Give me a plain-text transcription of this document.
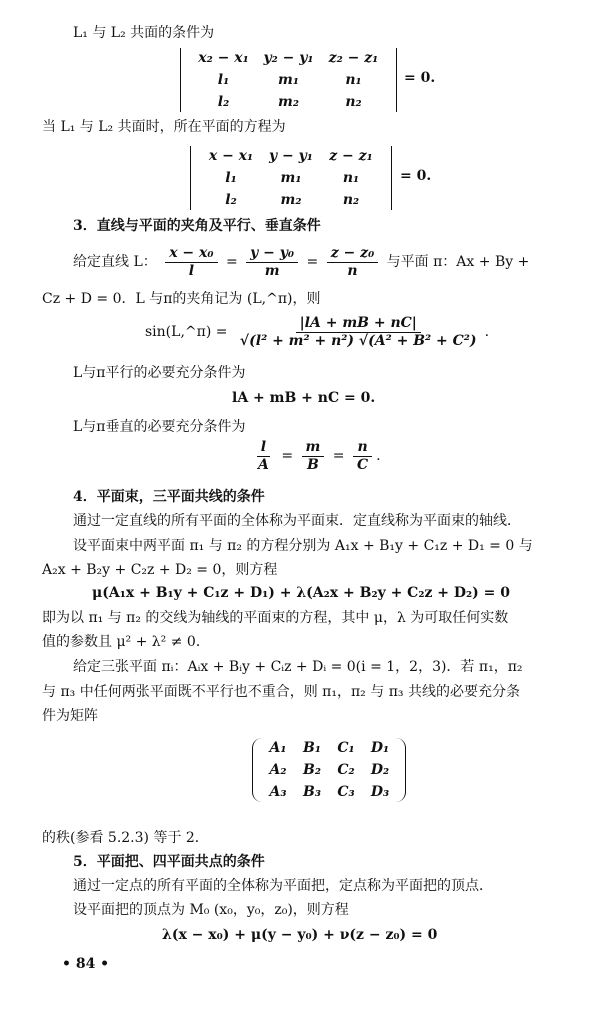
L₁ 与 L₂ 共面的条件为
x₂ − x₁	y₂ − y₁	z₂ − z₁
l₁	m₁	n₁
l₂	m₂	n₂
= 0.
当 L₁ 与 L₂ 共面时，所在平面的方程为
x − x₁	y − y₁	z − z₁
l₁	m₁	n₁
l₂	m₂	n₂
= 0.
3．直线与平面的夹角及平行、垂直条件
给定直线 L： $\frac{\text{x − x₀}}{l} = \frac{\text{y − y₀}}{m} = \frac{\text{z − z₀}}{n}$ 与平面 π：Ax + By +
Cz + D = 0．L 与π的夹角记为 (L,^π)，则
sin(L,^π) = $\frac{|lA + mB + nC|}{\text{√(l² + m² + n²) √(A² + B² + C²)}}$ .
L与π平行的必要充分条件为
lA + mB + nC = 0.
L与π垂直的必要充分条件为
$\frac{l}{A} = \frac{m}{B} = \frac{n}{C}$ .
4．平面束，三平面共线的条件
通过一定直线的所有平面的全体称为平面束．定直线称为平面束的轴线．
设平面束中两平面 π₁ 与 π₂ 的方程分别为 A₁x + B₁y + C₁z + D₁ = 0 与
A₂x + B₂y + C₂z + D₂ = 0，则方程
μ(A₁x + B₁y + C₁z + D₁) + λ(A₂x + B₂y + C₂z + D₂) = 0
即为以 π₁ 与 π₂ 的交线为轴线的平面束的方程，其中 μ，λ 为可取任何实数
值的参数且 μ² + λ² ≠ 0．
给定三张平面 πᵢ：Aᵢx + Bᵢy + Cᵢz + Dᵢ = 0(i = 1，2，3)．若 π₁，π₂
与 π₃ 中任何两张平面既不平行也不重合，则 π₁，π₂ 与 π₃ 共线的必要充分条
件为矩阵
A₁	B₁	C₁	D₁
A₂	B₂	C₂	D₂
A₃	B₃	C₃	D₃
的秩(参看 5.2.3) 等于 2．
5．平面把、四平面共点的条件
通过一定点的所有平面的全体称为平面把，定点称为平面把的顶点．
设平面把的顶点为 M₀ (x₀，y₀，z₀)，则方程
λ(x − x₀) + μ(y − y₀) + ν(z − z₀) = 0
• 84 •
